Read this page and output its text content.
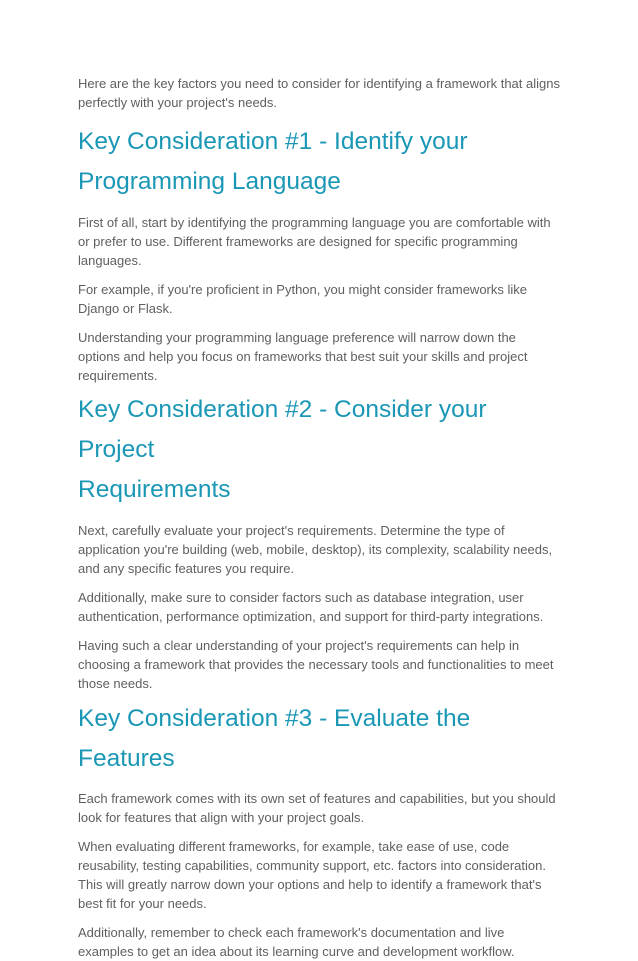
Here are the key factors you need to consider for identifying a framework that aligns perfectly with your project's needs.

Key Consideration #1 - Identify your
Programming Language

First of all, start by identifying the programming language you are comfortable with or prefer to use. Different frameworks are designed for specific programming languages.

For example, if you're proficient in Python, you might consider frameworks like Django or Flask.

Understanding your programming language preference will narrow down the options and help you focus on frameworks that best suit your skills and project requirements.

Key Consideration #2 - Consider your Project
Requirements

Next, carefully evaluate your project's requirements. Determine the type of application you're building (web, mobile, desktop), its complexity, scalability needs, and any specific features you require.

Additionally, make sure to consider factors such as database integration, user authentication, performance optimization, and support for third-party integrations.

Having such a clear understanding of your project's requirements can help in choosing a framework that provides the necessary tools and functionalities to meet those needs.

Key Consideration #3 - Evaluate the Features

Each framework comes with its own set of features and capabilities, but you should look for features that align with your project goals.

When evaluating different frameworks, for example, take ease of use, code reusability, testing capabilities, community support, etc. factors into consideration. This will greatly narrow down your options and help to identify a framework that's best fit for your needs.

Additionally, remember to check each framework's documentation and live examples to get an idea about its learning curve and development workflow.
